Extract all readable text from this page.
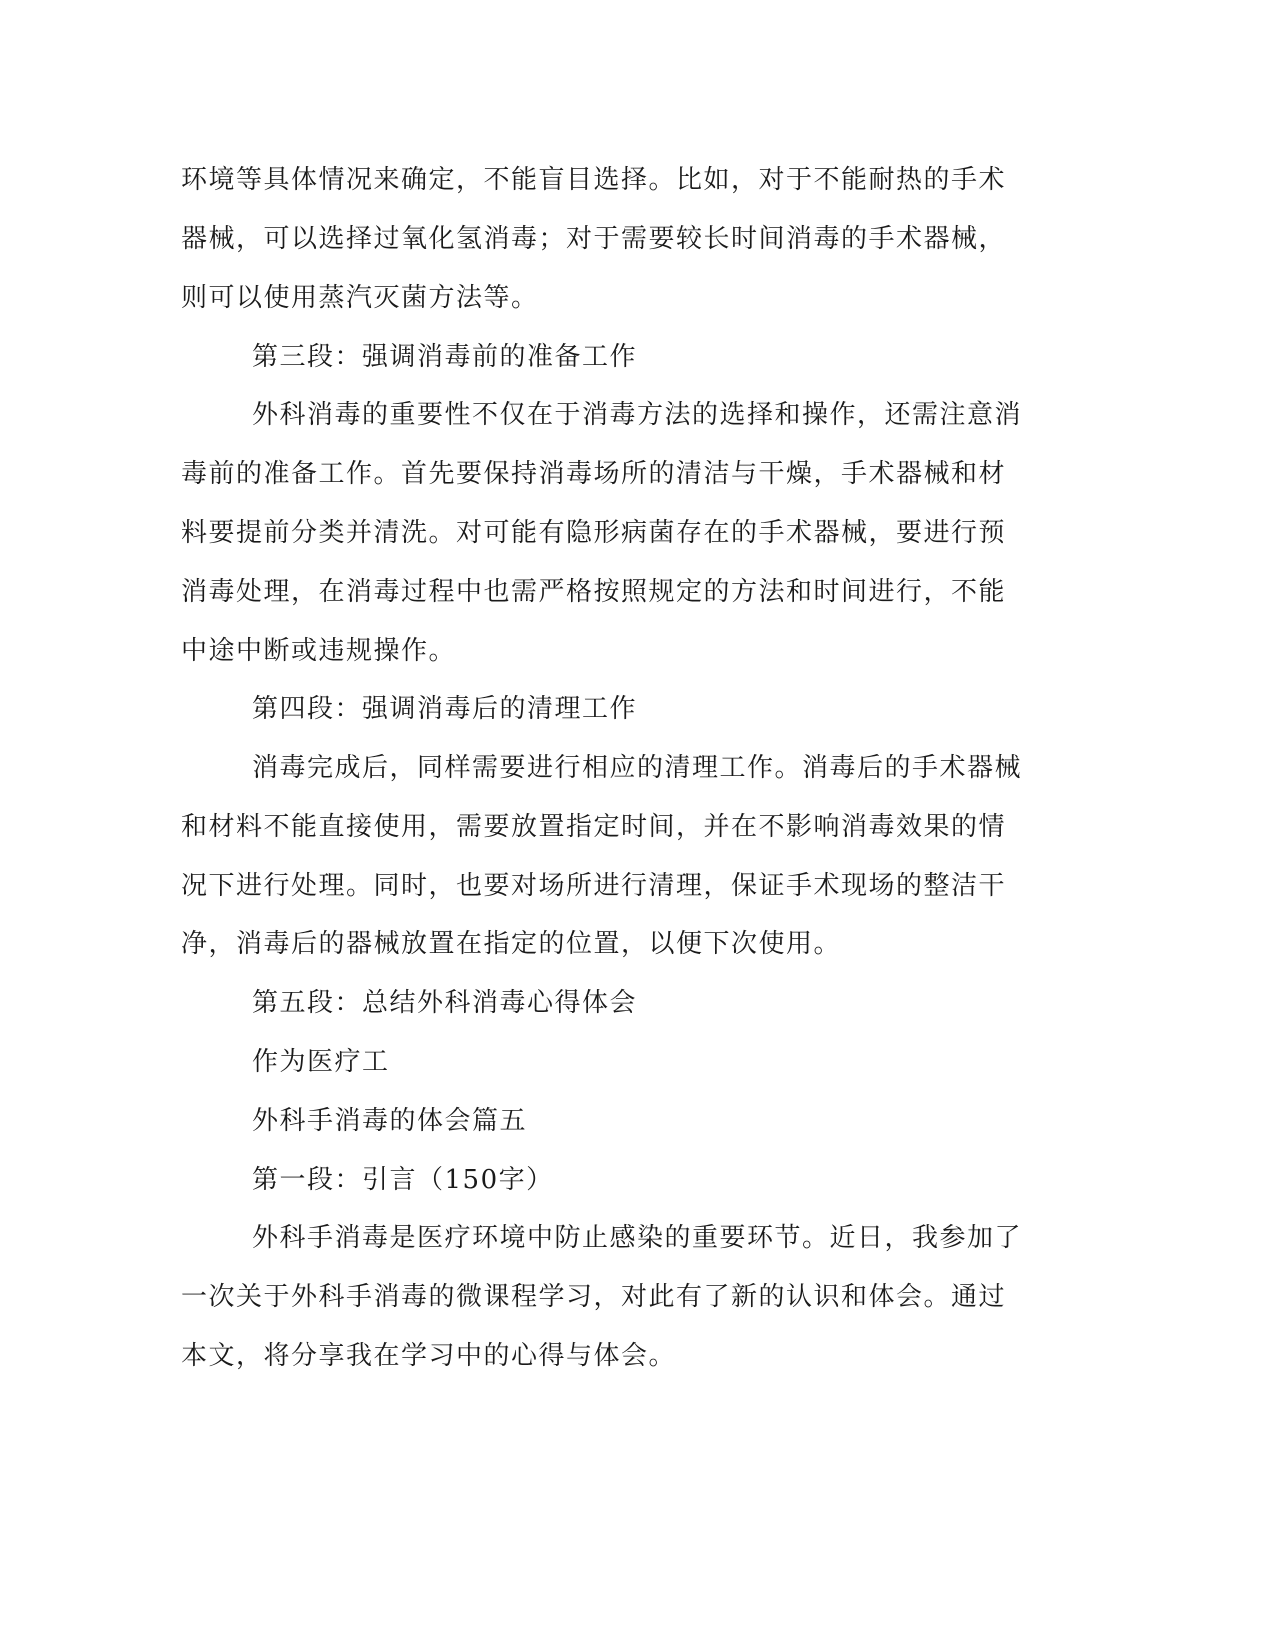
环境等具体情况来确定，不能盲目选择。比如，对于不能耐热的手术
器械，可以选择过氧化氢消毒；对于需要较长时间消毒的手术器械，
则可以使用蒸汽灭菌方法等。
第三段：强调消毒前的准备工作
外科消毒的重要性不仅在于消毒方法的选择和操作，还需注意消
毒前的准备工作。首先要保持消毒场所的清洁与干燥，手术器械和材
料要提前分类并清洗。对可能有隐形病菌存在的手术器械，要进行预
消毒处理，在消毒过程中也需严格按照规定的方法和时间进行，不能
中途中断或违规操作。
第四段：强调消毒后的清理工作
消毒完成后，同样需要进行相应的清理工作。消毒后的手术器械
和材料不能直接使用，需要放置指定时间，并在不影响消毒效果的情
况下进行处理。同时，也要对场所进行清理，保证手术现场的整洁干
净，消毒后的器械放置在指定的位置，以便下次使用。
第五段：总结外科消毒心得体会
作为医疗工
外科手消毒的体会篇五
第一段：引言（150字）
外科手消毒是医疗环境中防止感染的重要环节。近日，我参加了
一次关于外科手消毒的微课程学习，对此有了新的认识和体会。通过
本文，将分享我在学习中的心得与体会。
